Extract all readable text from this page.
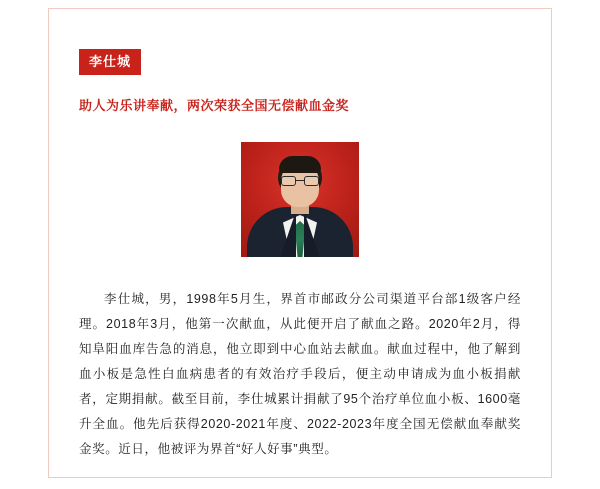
李仕城
助人为乐讲奉献，两次荣获全国无偿献血金奖
李仕城，男，1998年5月生，界首市邮政分公司渠道平台部1级客户经理。2018年3月，他第一次献血，从此便开启了献血之路。2020年2月，得知阜阳血库告急的消息，他立即到中心血站去献血。献血过程中，他了解到血小板是急性白血病患者的有效治疗手段后，便主动申请成为血小板捐献者，定期捐献。截至目前，李仕城累计捐献了95个治疗单位血小板、1600毫升全血。他先后获得2020-2021年度、2022-2023年度全国无偿献血奉献奖金奖。近日，他被评为界首“好人好事”典型。
